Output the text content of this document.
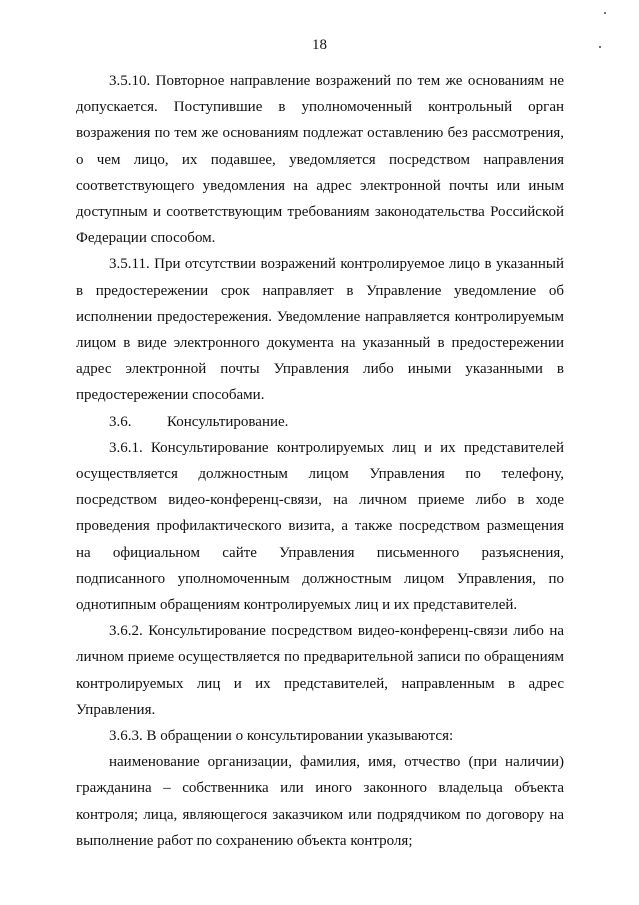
18

3.5.10. Повторное направление возражений по тем же основаниям не допускается. Поступившие в уполномоченный контрольный орган возражения по тем же основаниям подлежат оставлению без рассмотрения, о чем лицо, их подавшее, уведомляется посредством направления соответствующего уведомления на адрес электронной почты или иным доступным и соответствующим требованиям законодательства Российской Федерации способом.

3.5.11. При отсутствии возражений контролируемое лицо в указанный в предостережении срок направляет в Управление уведомление об исполнении предостережения. Уведомление направляется контролируемым лицом в виде электронного документа на указанный в предостережении адрес электронной почты Управления либо иными указанными в предостережении способами.

3.6. Консультирование.

3.6.1. Консультирование контролируемых лиц и их представителей осуществляется должностным лицом Управления по телефону, посредством видео-конференц-связи, на личном приеме либо в ходе проведения профилактического визита, а также посредством размещения на официальном сайте Управления письменного разъяснения, подписанного уполномоченным должностным лицом Управления, по однотипным обращениям контролируемых лиц и их представителей.

3.6.2. Консультирование посредством видео-конференц-связи либо на личном приеме осуществляется по предварительной записи по обращениям контролируемых лиц и их представителей, направленным в адрес Управления.

3.6.3. В обращении о консультировании указываются:

наименование организации, фамилия, имя, отчество (при наличии) гражданина – собственника или иного законного владельца объекта контроля; лица, являющегося заказчиком или подрядчиком по договору на выполнение работ по сохранению объекта контроля;
